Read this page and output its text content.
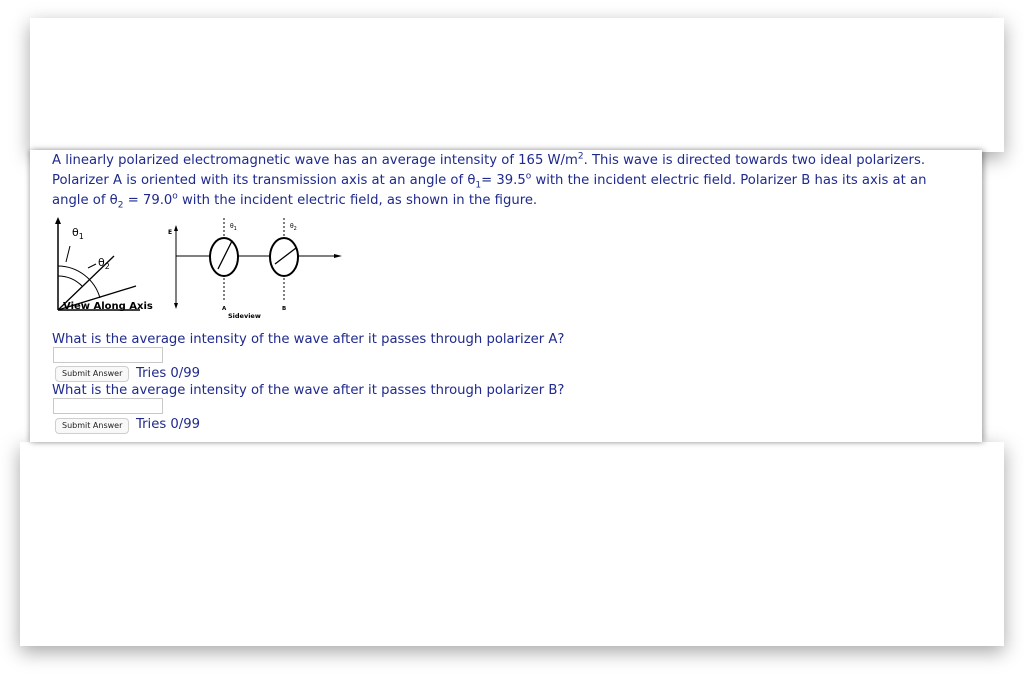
A linearly polarized electromagnetic wave has an average intensity of 165 $W/m^2$. This wave is directed towards two ideal polarizers.
Polarizer A is oriented with its transmission axis at an angle of $\theta_1= 39.5^o$ with the incident electric field. Polarizer B has its axis at an
angle of $\theta_2 = 79.0^o$ with the incident electric field, as shown in the figure.

$\theta_1$
$\theta_2$
E
$\theta_1$
A
$\theta_2$
B
Sideview
View Along Axis

What is the average intensity of the wave after it passes through polarizer A?

Submit Answer	Tries 0/99

What is the average intensity of the wave after it passes through polarizer B?

Submit Answer	Tries 0/99
